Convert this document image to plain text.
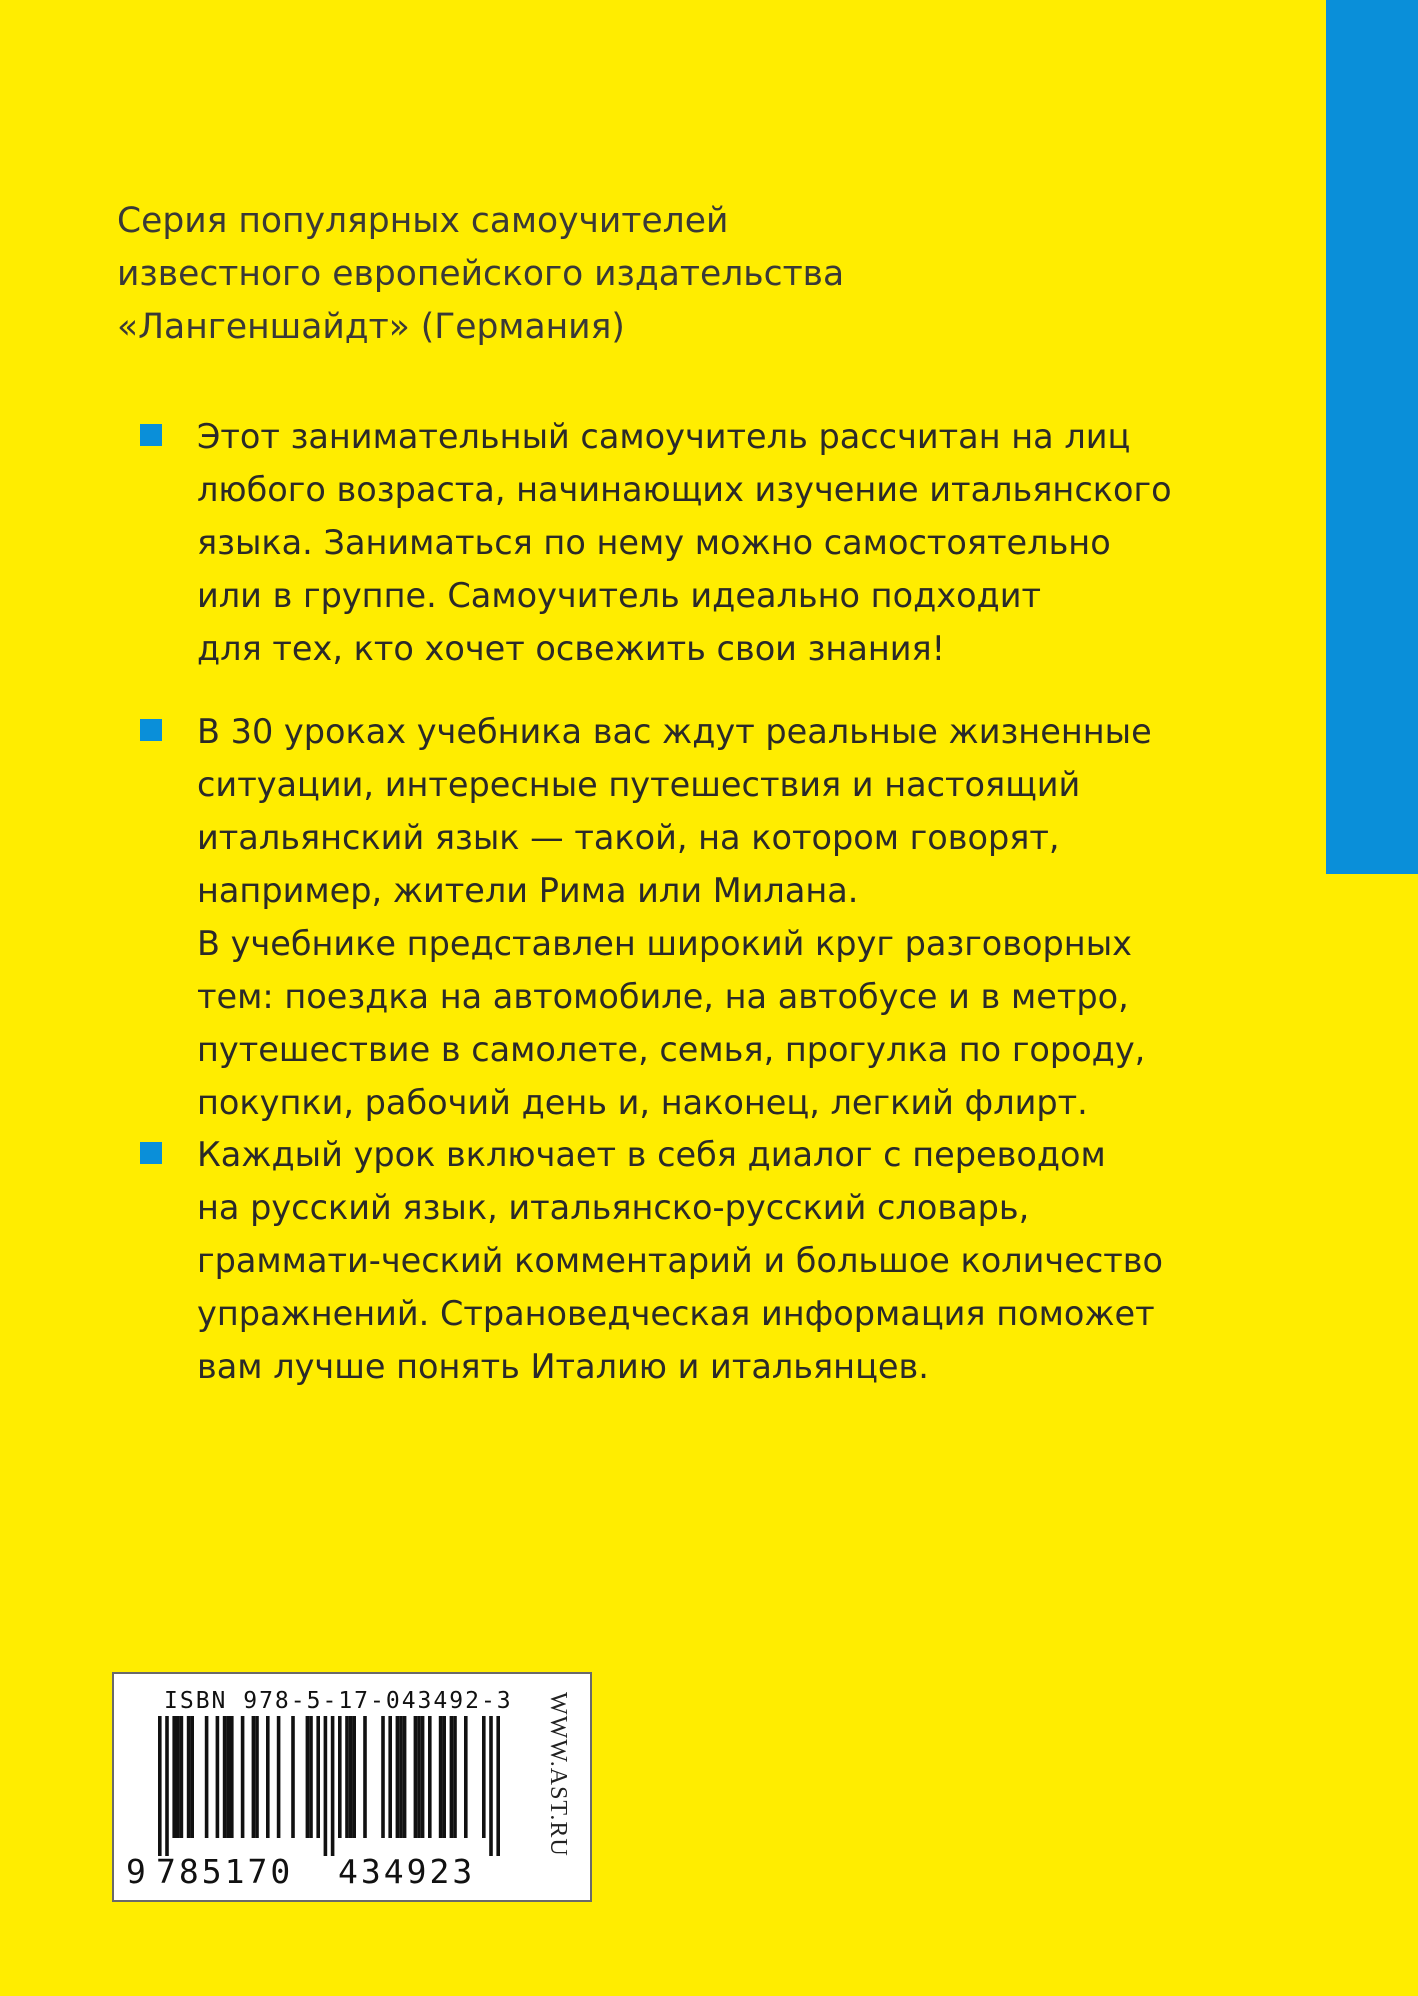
Серия популярных самоучителей
известного европейского издательства
«Лангеншайдт» (Германия)
Этот занимательный самоучитель рассчитан на лиц
любого возраста, начинающих изучение итальянского
языка. Заниматься по нему можно самостоятельно
или в группе. Самоучитель идеально подходит
для тех, кто хочет освежить свои знания!
В 30 уроках учебника вас ждут реальные жизненные
ситуации, интересные путешествия и настоящий
итальянский язык — такой, на котором говорят,
например, жители Рима или Милана.
В учебнике представлен широкий круг разговорных
тем: поездка на автомобиле, на автобусе и в метро,
путешествие в самолете, семья, прогулка по городу,
покупки, рабочий день и, наконец, легкий флирт.
Каждый урок включает в себя диалог с переводом
на русский язык, итальянско-русский словарь,
граммати-ческий комментарий и большое количество
упражнений. Страноведческая информация поможет
вам лучше понять Италию и итальянцев.
ISBN 978-5-17-043492-3
9 785170 434923
WWW.AST.RU
